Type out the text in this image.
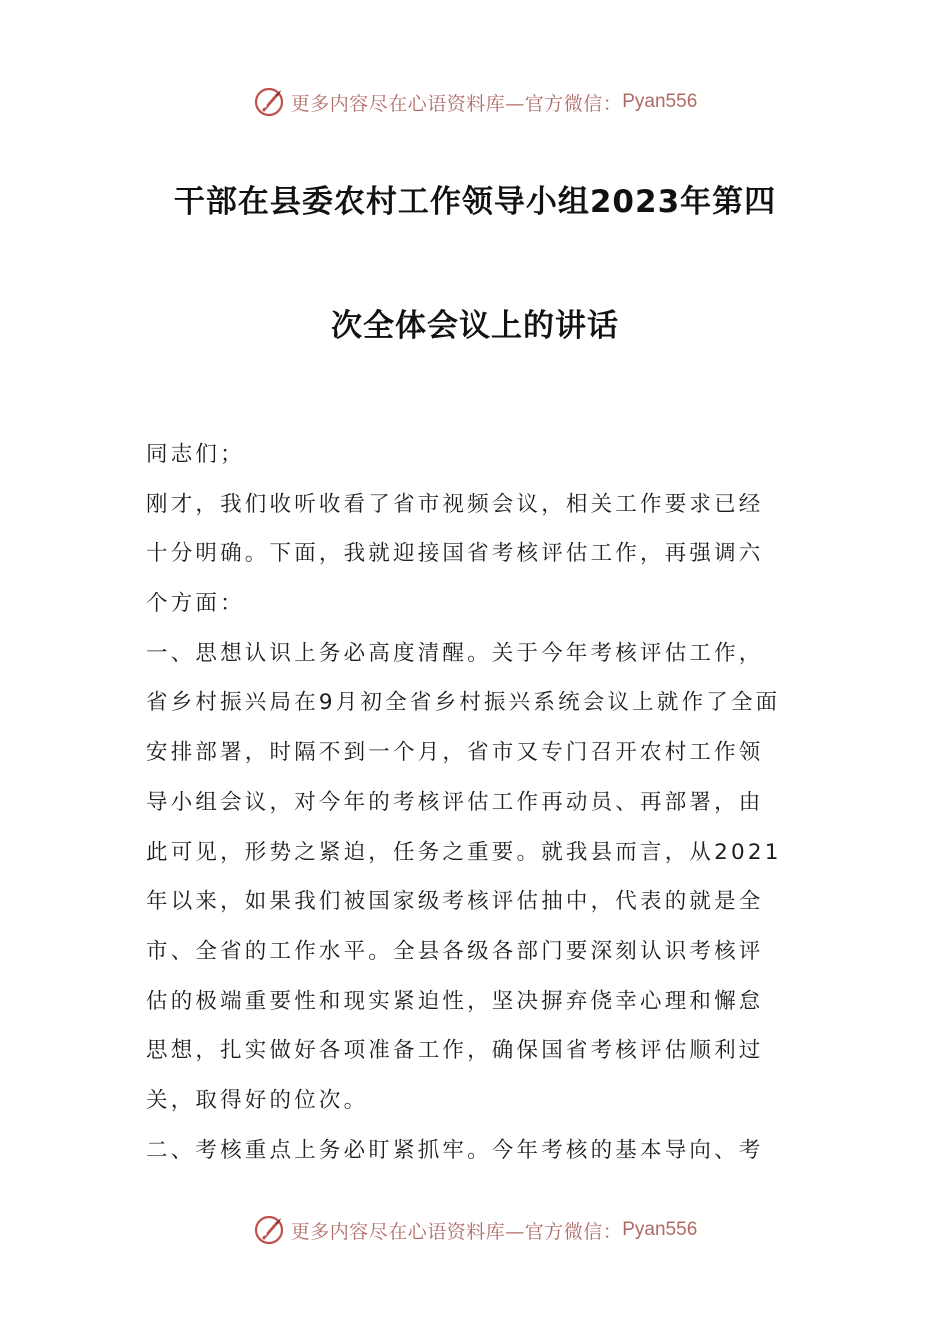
更多内容尽在心语资料库—官方微信： Pyan556
干部在县委农村工作领导小组2023年第四
次全体会议上的讲话
同志们；
刚才，我们收听收看了省市视频会议，相关工作要求已经
十分明确。下面，我就迎接国省考核评估工作，再强调六
个方面：
一、思想认识上务必高度清醒。关于今年考核评估工作，
省乡村振兴局在9月初全省乡村振兴系统会议上就作了全面
安排部署，时隔不到一个月，省市又专门召开农村工作领
导小组会议，对今年的考核评估工作再动员、再部署，由
此可见，形势之紧迫，任务之重要。就我县而言，从2021
年以来，如果我们被国家级考核评估抽中，代表的就是全
市、全省的工作水平。全县各级各部门要深刻认识考核评
估的极端重要性和现实紧迫性，坚决摒弃侥幸心理和懈怠
思想，扎实做好各项准备工作，确保国省考核评估顺利过
关，取得好的位次。
二、考核重点上务必盯紧抓牢。今年考核的基本导向、考
更多内容尽在心语资料库—官方微信： Pyan556
